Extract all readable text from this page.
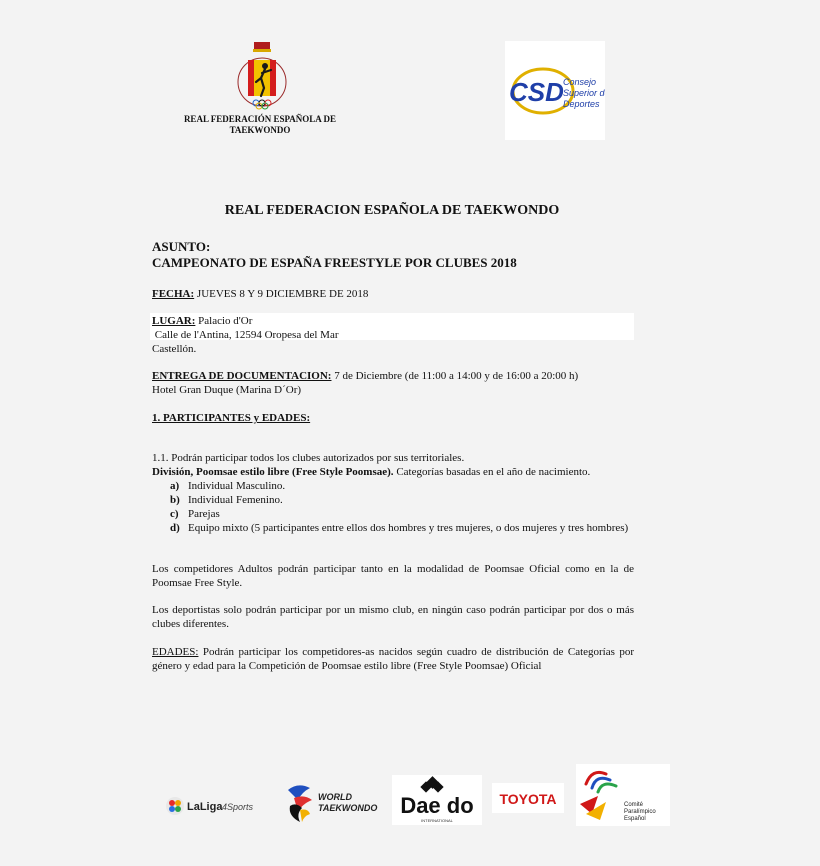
REAL FEDERACIÓN ESPAÑOLA DE
TAEKWONDO
CSD Consejo
Superior de
Deportes
REAL FEDERACION ESPAÑOLA DE TAEKWONDO
ASUNTO:
CAMPEONATO DE ESPAÑA FREESTYLE POR CLUBES 2018
FECHA: JUEVES 8 Y 9 DICIEMBRE DE 2018
LUGAR: Palacio d'Or
Calle de l'Antina, 12594 Oropesa del Mar
Castellón.
ENTREGA DE DOCUMENTACION: 7 de Diciembre (de 11:00 a 14:00 y de 16:00 a 20:00 h)
Hotel Gran Duque (Marina D´Or)
1. PARTICIPANTES y EDADES:
1.1. Podrán participar todos los clubes autorizados por sus territoriales.
División, Poomsae estilo libre (Free Style Poomsae). Categorías basadas en el año de nacimiento.
a) Individual Masculino.
b) Individual Femenino.
c) Parejas
d) Equipo mixto (5 participantes entre ellos dos hombres y tres mujeres, o dos mujeres y tres hombres)
Los competidores Adultos podrán participar tanto en la modalidad de Poomsae Oficial como en la de Poomsae Free Style.
Los deportistas solo podrán participar por un mismo club, en ningún caso podrán participar por dos o más clubes diferentes.
EDADES: Podrán participar los competidores-as nacidos según cuadro de distribución de Categorías por género y edad para la Competición de Poomsae estilo libre (Free Style Poomsae) Oficial
LaLiga 4Sports
WORLD
TAEKWONDO Dae do
INTERNATIONAL
TOYOTA	Comité
Paralímpico
Español
